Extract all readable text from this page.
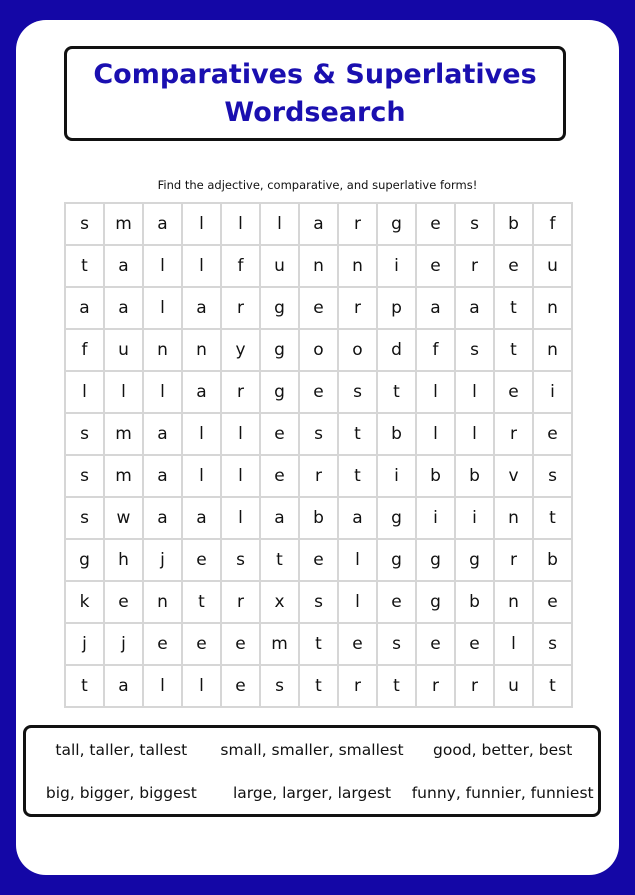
Comparatives & Superlatives
Wordsearch
Find the adjective, comparative, and superlative forms!
s	m	a	l	l	l	a	r	g	e	s	b	f
t	a	l	l	f	u	n	n	i	e	r	e	u
a	a	l	a	r	g	e	r	p	a	a	t	n
f	u	n	n	y	g	o	o	d	f	s	t	n
l	l	l	a	r	g	e	s	t	l	l	e	i
s	m	a	l	l	e	s	t	b	l	l	r	e
s	m	a	l	l	e	r	t	i	b	b	v	s
s	w	a	a	l	a	b	a	g	i	i	n	t
g	h	j	e	s	t	e	l	g	g	g	r	b
k	e	n	t	r	x	s	l	e	g	b	n	e
j	j	e	e	e	m	t	e	s	e	e	l	s
t	a	l	l	e	s	t	r	t	r	r	u	t
tall, taller, tallest	small, smaller, smallest	good, better, best
big, bigger, biggest	large, larger, largest	funny, funnier, funniest
